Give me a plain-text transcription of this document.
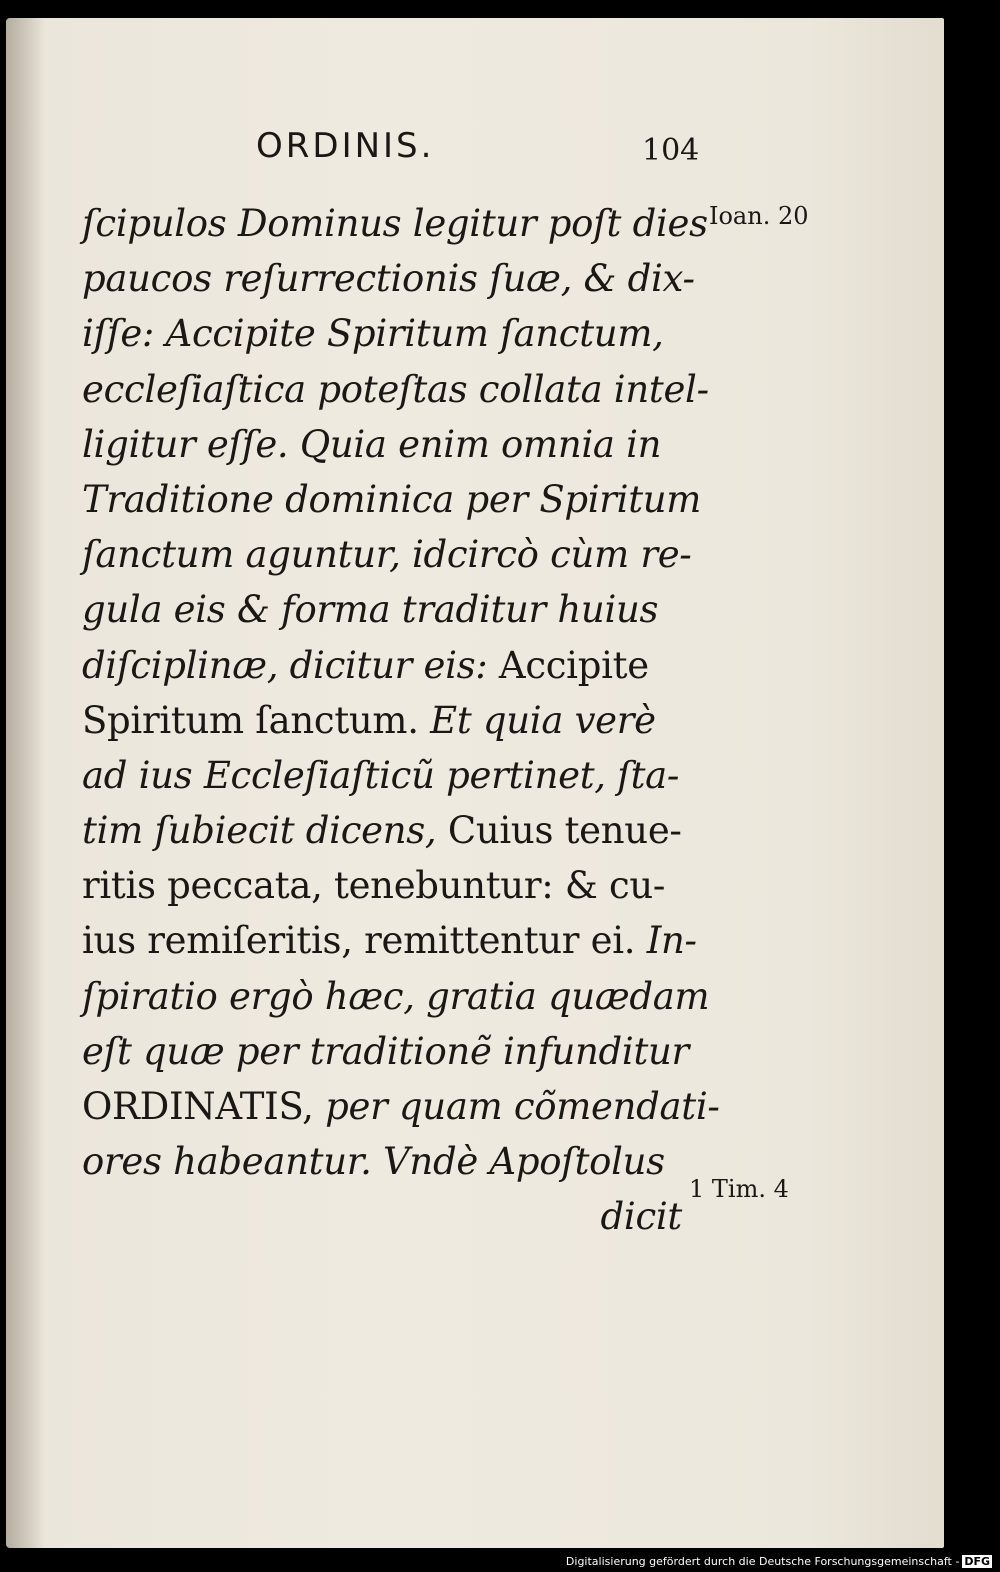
ORDINIS.	104
ſcipulos Dominus legitur poſt dies
paucos reſurrectionis ſuæ, & dix-
iſſe: Accipite Spiritum ſanctum,
eccleſiaſtica poteſtas collata intel-
ligitur eſſe. Quia enim omnia in
Traditione dominica per Spiritum
ſanctum aguntur, idcircò cùm re-
gula eis & forma traditur huius
diſciplinæ, dicitur eis: Accipite
Spiritum ſanctum. Et quia verè
ad ius Eccleſiaſticũ pertinet, ſta-
tim ſubiecit dicens, Cuius tenue-
ritis peccata, tenebuntur: & cu-
ius remiſeritis, remittentur ei. In-
ſpiratio ergò hæc, gratia quædam
eſt quæ per traditionẽ infunditur
ORDINATIS, per quam cõmendati-
ores habeantur. Vndè Apoſtolus
dicit
Ioan. 20
1 Tim. 4
Digitalisierung gefördert durch die Deutsche Forschungsgemeinschaft - DFG
